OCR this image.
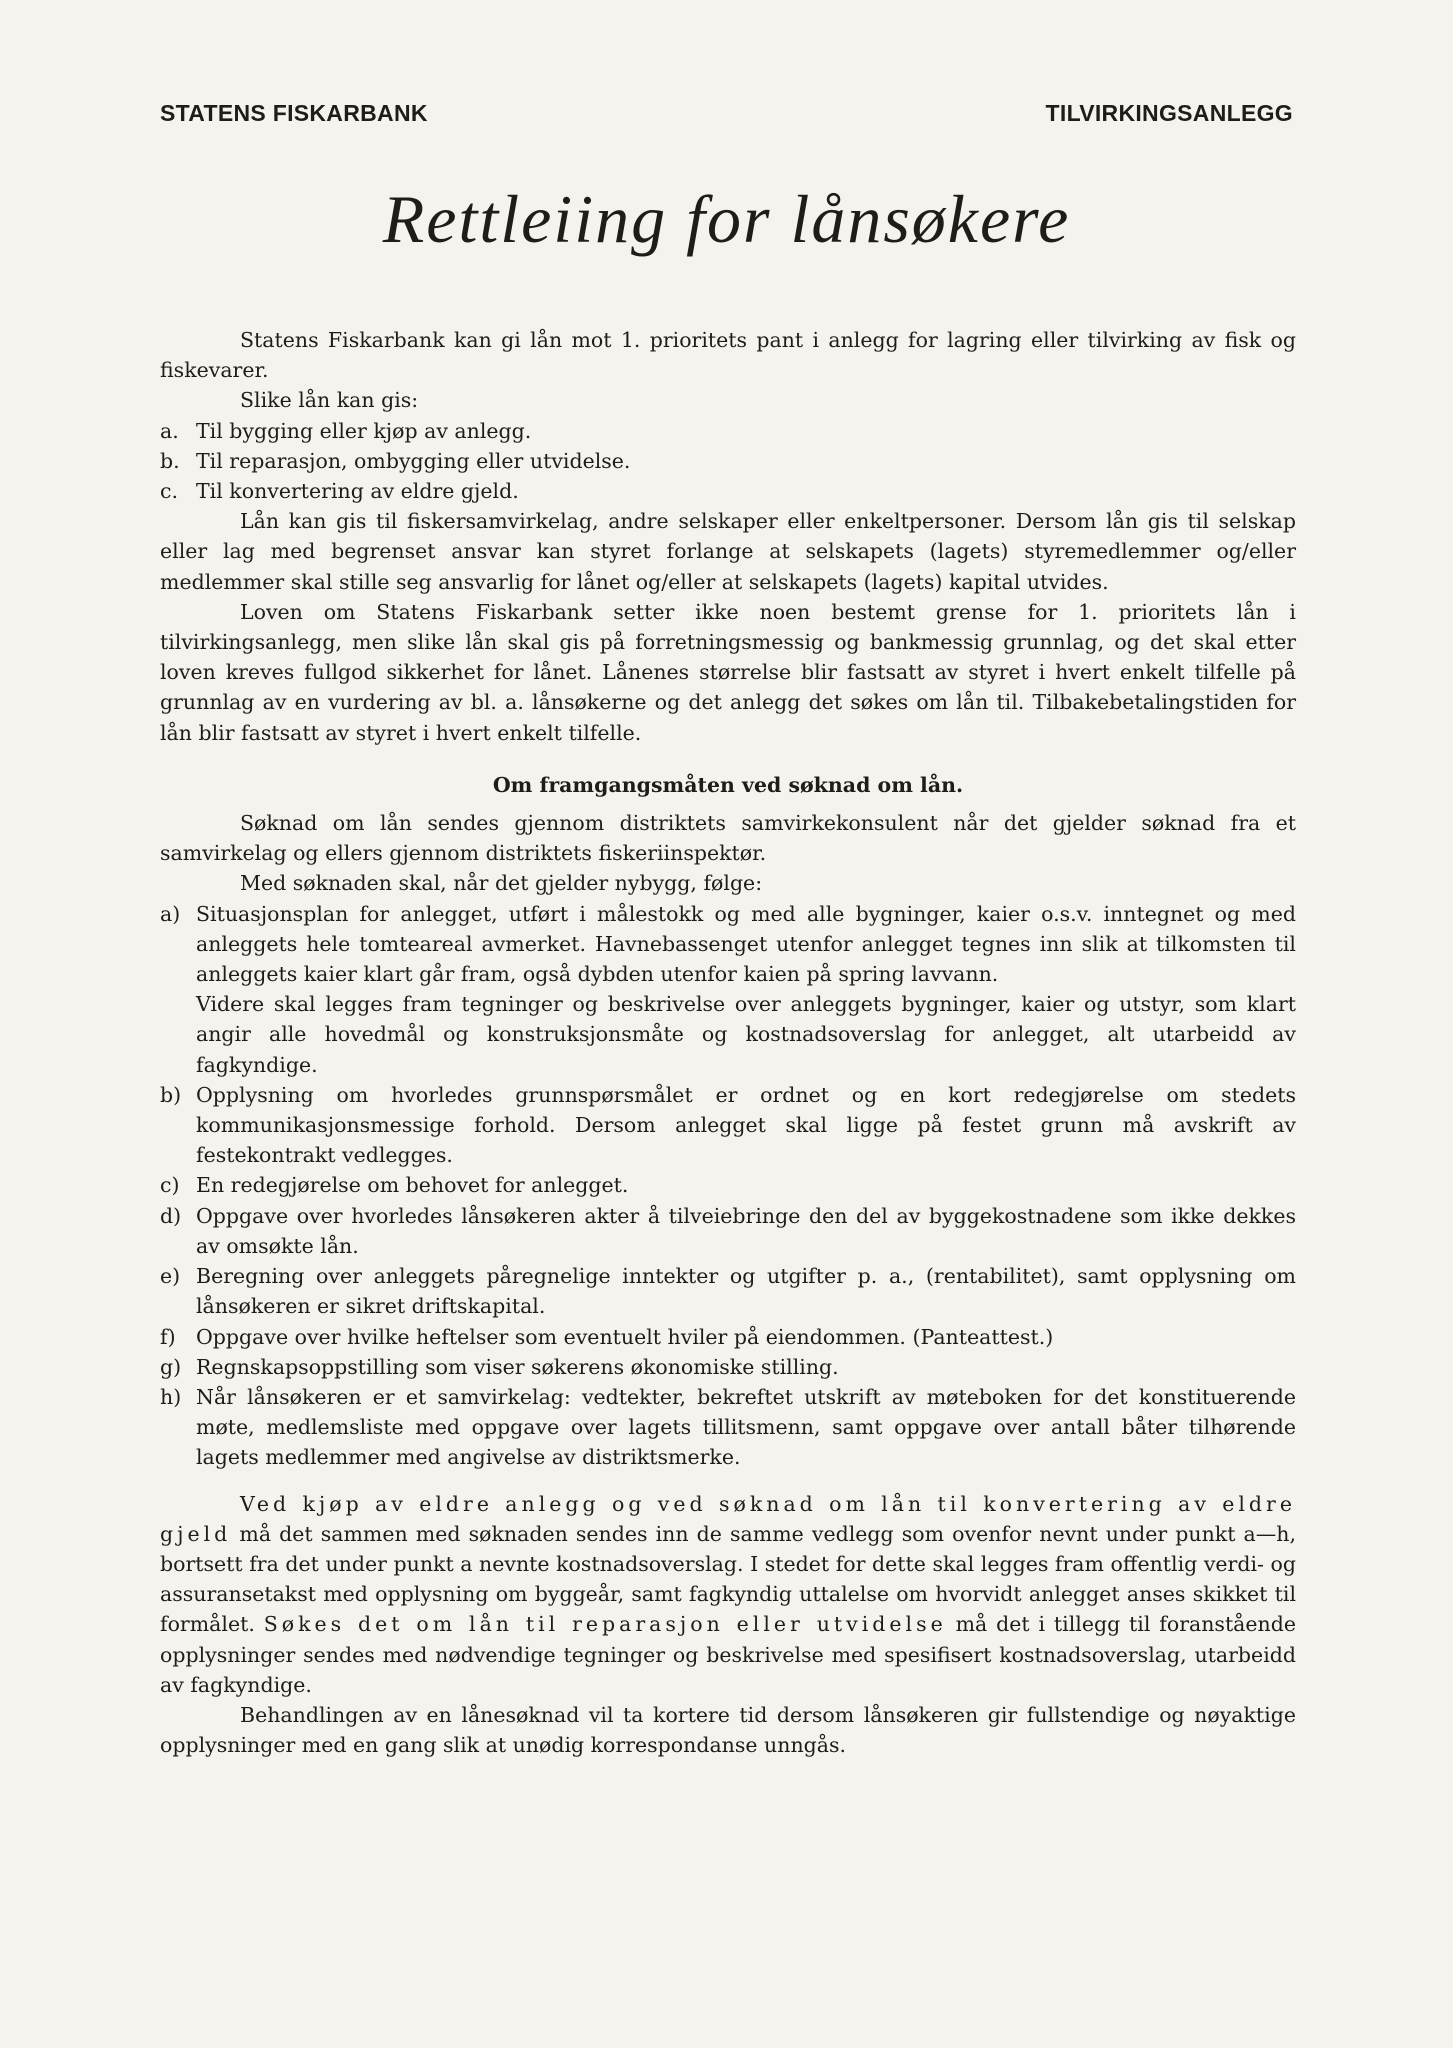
STATENS FISKARBANK	TILVIRKINGSANLEGG
Rettleiing for lånsøkere

Statens Fiskarbank kan gi lån mot 1. prioritets pant i anlegg for lagring eller tilvirking av fisk og fiskevarer.

Slike lån kan gis:

a. Til bygging eller kjøp av anlegg.
b. Til reparasjon, ombygging eller utvidelse.
c. Til konvertering av eldre gjeld.

Lån kan gis til fiskersamvirkelag, andre selskaper eller enkeltpersoner. Dersom lån gis til selskap eller lag med begrenset ansvar kan styret forlange at selskapets (lagets) styremedlemmer og/eller medlemmer skal stille seg ansvarlig for lånet og/eller at selskapets (lagets) kapital utvides.

Loven om Statens Fiskarbank setter ikke noen bestemt grense for 1. prioritets lån i tilvirkingsanlegg, men slike lån skal gis på forretningsmessig og bankmessig grunnlag, og det skal etter loven kreves fullgod sikkerhet for lånet. Lånenes størrelse blir fastsatt av styret i hvert enkelt tilfelle på grunnlag av en vurdering av bl. a. lånsøkerne og det anlegg det søkes om lån til. Tilbakebetalingstiden for lån blir fastsatt av styret i hvert enkelt tilfelle.

Om framgangsmåten ved søknad om lån.

Søknad om lån sendes gjennom distriktets samvirkekonsulent når det gjelder søknad fra et samvirkelag og ellers gjennom distriktets fiskeriinspektør.

Med søknaden skal, når det gjelder nybygg, følge:

a) Situasjonsplan for anlegget, utført i målestokk og med alle bygninger, kaier o.s.v. inntegnet og med anleggets hele tomteareal avmerket. Havnebassenget utenfor anlegget tegnes inn slik at tilkomsten til anleggets kaier klart går fram, også dybden utenfor kaien på spring lavvann.
Videre skal legges fram tegninger og beskrivelse over anleggets bygninger, kaier og utstyr, som klart angir alle hovedmål og konstruksjonsmåte og kostnadsoverslag for anlegget, alt utarbeidd av fagkyndige.
b) Opplysning om hvorledes grunnspørsmålet er ordnet og en kort redegjørelse om stedets kommunikasjonsmessige forhold. Dersom anlegget skal ligge på festet grunn må avskrift av festekontrakt vedlegges.
c) En redegjørelse om behovet for anlegget.
d) Oppgave over hvorledes lånsøkeren akter å tilveiebringe den del av byggekostnadene som ikke dekkes av omsøkte lån.
e) Beregning over anleggets påregnelige inntekter og utgifter p. a., (rentabilitet), samt opplysning om lånsøkeren er sikret driftskapital.
f) Oppgave over hvilke heftelser som eventuelt hviler på eiendommen. (Panteattest.)
g) Regnskapsoppstilling som viser søkerens økonomiske stilling.
h) Når lånsøkeren er et samvirkelag: vedtekter, bekreftet utskrift av møteboken for det konstituerende møte, medlemsliste med oppgave over lagets tillitsmenn, samt oppgave over antall båter tilhørende lagets medlemmer med angivelse av distriktsmerke.

Ved kjøp av eldre anlegg og ved søknad om lån til konvertering av eldre gjeld må det sammen med søknaden sendes inn de samme vedlegg som ovenfor nevnt under punkt a—h, bortsett fra det under punkt a nevnte kostnadsoverslag. I stedet for dette skal legges fram offentlig verdi- og assuransetakst med opplysning om byggeår, samt fagkyndig uttalelse om hvorvidt anlegget anses skikket til formålet. Søkes det om lån til reparasjon eller utvidelse må det i tillegg til foranstående opplysninger sendes med nødvendige tegninger og beskrivelse med spesifisert kostnadsoverslag, utarbeidd av fagkyndige.

Behandlingen av en lånesøknad vil ta kortere tid dersom lånsøkeren gir fullstendige og nøyaktige opplysninger med en gang slik at unødig korrespondanse unngås.
